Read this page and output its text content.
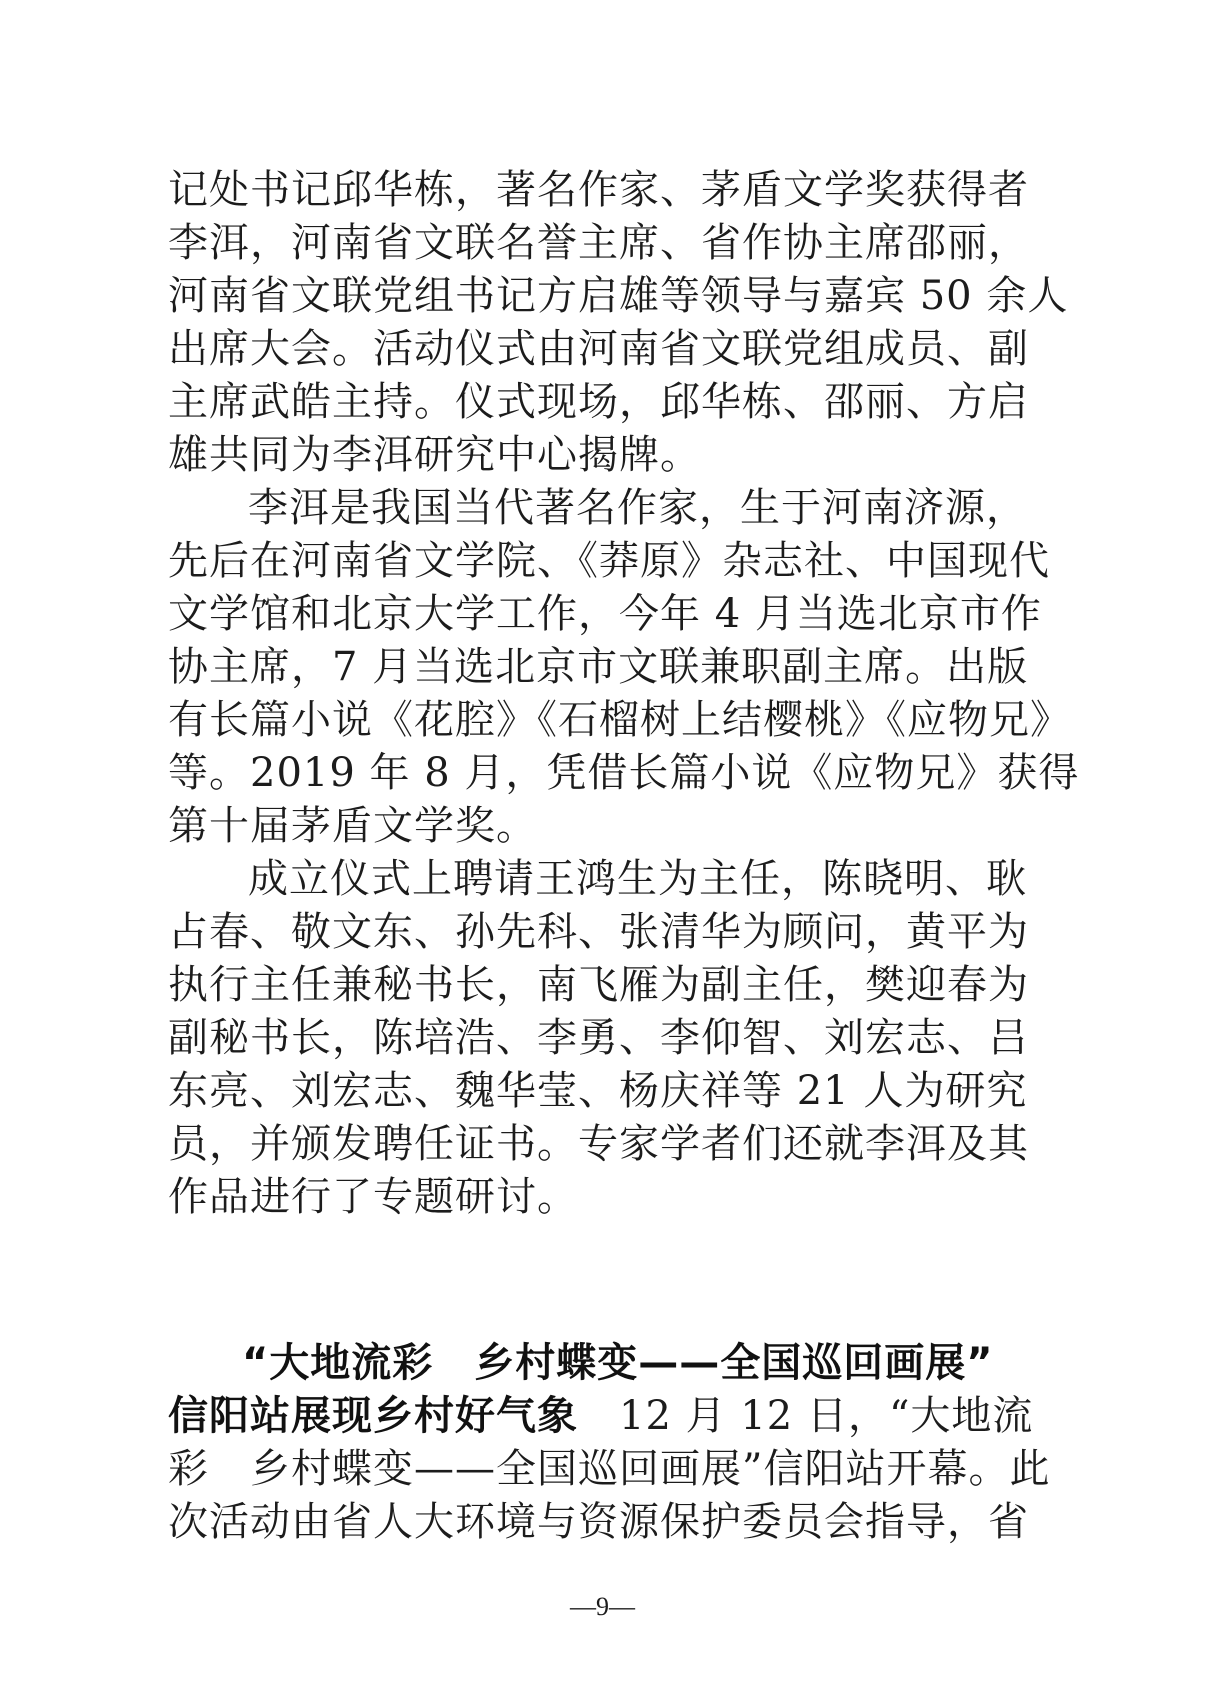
记处书记邱华栋，著名作家、茅盾文学奖获得者
李洱，河南省文联名誉主席、省作协主席邵丽，
河南省文联党组书记方启雄等领导与嘉宾 50 余人
出席大会。活动仪式由河南省文联党组成员、副
主席武皓主持。仪式现场，邱华栋、邵丽、方启
雄共同为李洱研究中心揭牌。
李洱是我国当代著名作家，生于河南济源，
先后在河南省文学院、《莽原》杂志社、中国现代
文学馆和北京大学工作，今年 4 月当选北京市作
协主席，7 月当选北京市文联兼职副主席。出版
有长篇小说《花腔》《石榴树上结樱桃》《应物兄》
等。2019 年 8 月，凭借长篇小说《应物兄》获得
第十届茅盾文学奖。
成立仪式上聘请王鸿生为主任，陈晓明、耿
占春、敬文东、孙先科、张清华为顾问，黄平为
执行主任兼秘书长，南飞雁为副主任，樊迎春为
副秘书长，陈培浩、李勇、李仰智、刘宏志、吕
东亮、刘宏志、魏华莹、杨庆祥等 21 人为研究
员，并颁发聘任证书。专家学者们还就李洱及其
作品进行了专题研讨。
“大地流彩　乡村蝶变——全国巡回画展”
信阳站展现乡村好气象　12 月 12 日，“大地流
彩　乡村蝶变——全国巡回画展”信阳站开幕。此
次活动由省人大环境与资源保护委员会指导，省
—9—
